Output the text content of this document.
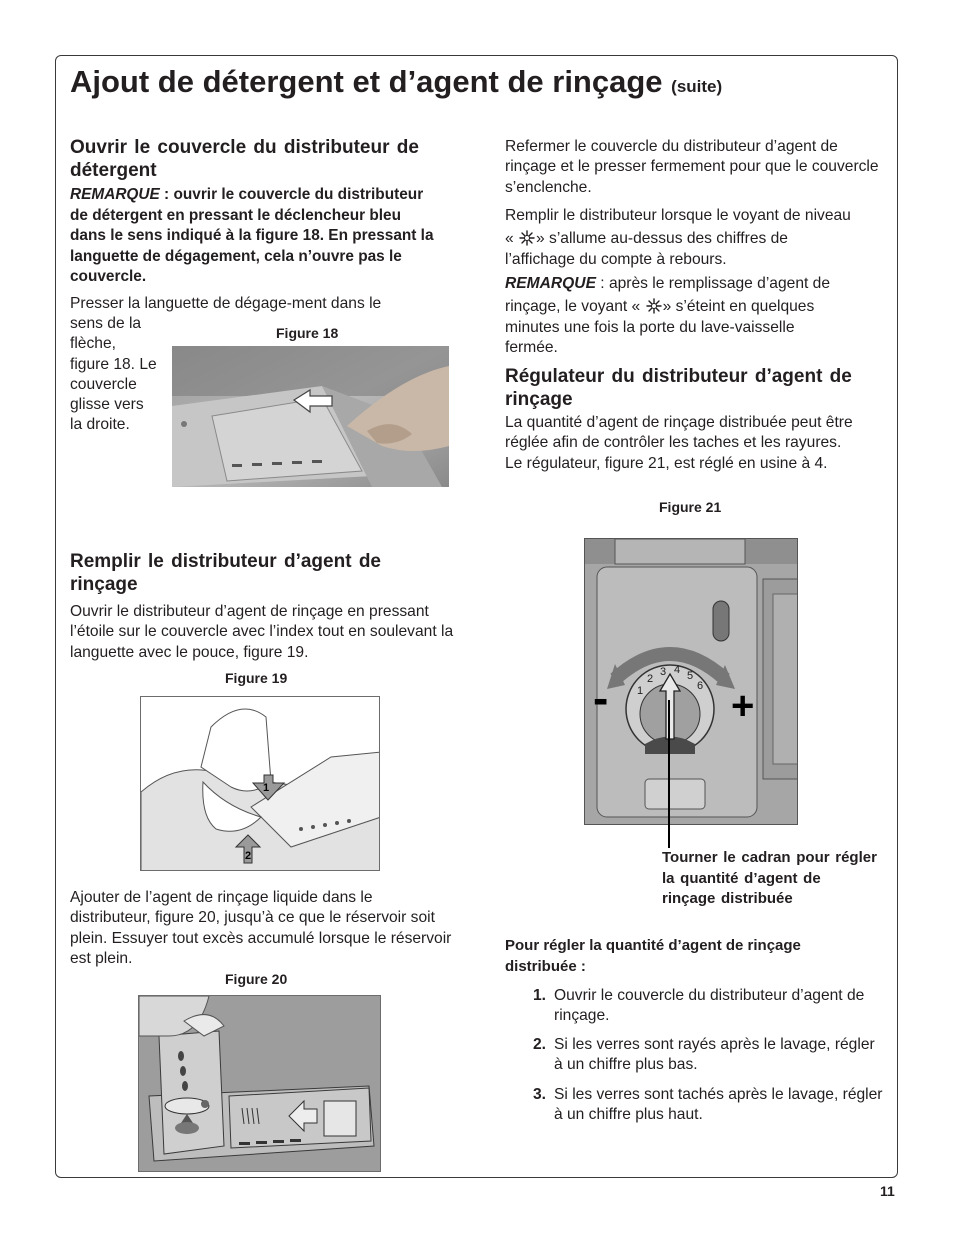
Ajout de détergent et d’agent de rinçage (suite)
Ouvrir le couvercle du distributeur de détergent
REMARQUE : ouvrir le couvercle du distributeur de détergent en pressant le déclencheur bleu dans le sens indiqué à la figure 18. En pressant la languette de dégagement, cela n’ouvre pas le couvercle.
Presser la languette de dégage-ment dans le
sens de la flèche, figure 18. Le couvercle glisse vers la droite.
Figure 18
Remplir le distributeur d’agent de rinçage
Ouvrir le distributeur d’agent de rinçage en pressant l’étoile sur le couvercle avec l’index tout en soulevant la languette avec le pouce, figure 19.
Figure 19
1
2
Ajouter de l’agent de rinçage liquide dans le distributeur, figure 20, jusqu’à ce que le réservoir soit plein. Essuyer tout excès accumulé lorsque le réservoir est plein.
Figure 20
Refermer le couvercle du distributeur d’agent de rinçage et le presser fermement pour que le couvercle s’enclenche.
Remplir le distributeur lorsque le voyant de niveau
« » s’allume au-dessus des chiffres de
l’affichage du compte à rebours.
REMARQUE : après le remplissage d’agent de
rinçage, le voyant « » s’éteint en quelques
minutes une fois la porte du lave-vaisselle fermée.
Régulateur du distributeur d’agent de rinçage
La quantité d’agent de rinçage distribuée peut être réglée afin de contrôler les taches et les rayures. Le régulateur, figure 21, est réglé en usine à 4.
Figure 21
1
2
3 4 5
6
-	+
Tourner le cadran pour régler la quantité d’agent de rinçage distribuée
Pour régler la quantité d’agent de rinçage distribuée :
1. Ouvrir le couvercle du distributeur d’agent de rinçage.
2. Si les verres sont rayés après le lavage, régler à un chiffre plus bas.
3. Si les verres sont tachés après le lavage, régler à un chiffre plus haut.
11
